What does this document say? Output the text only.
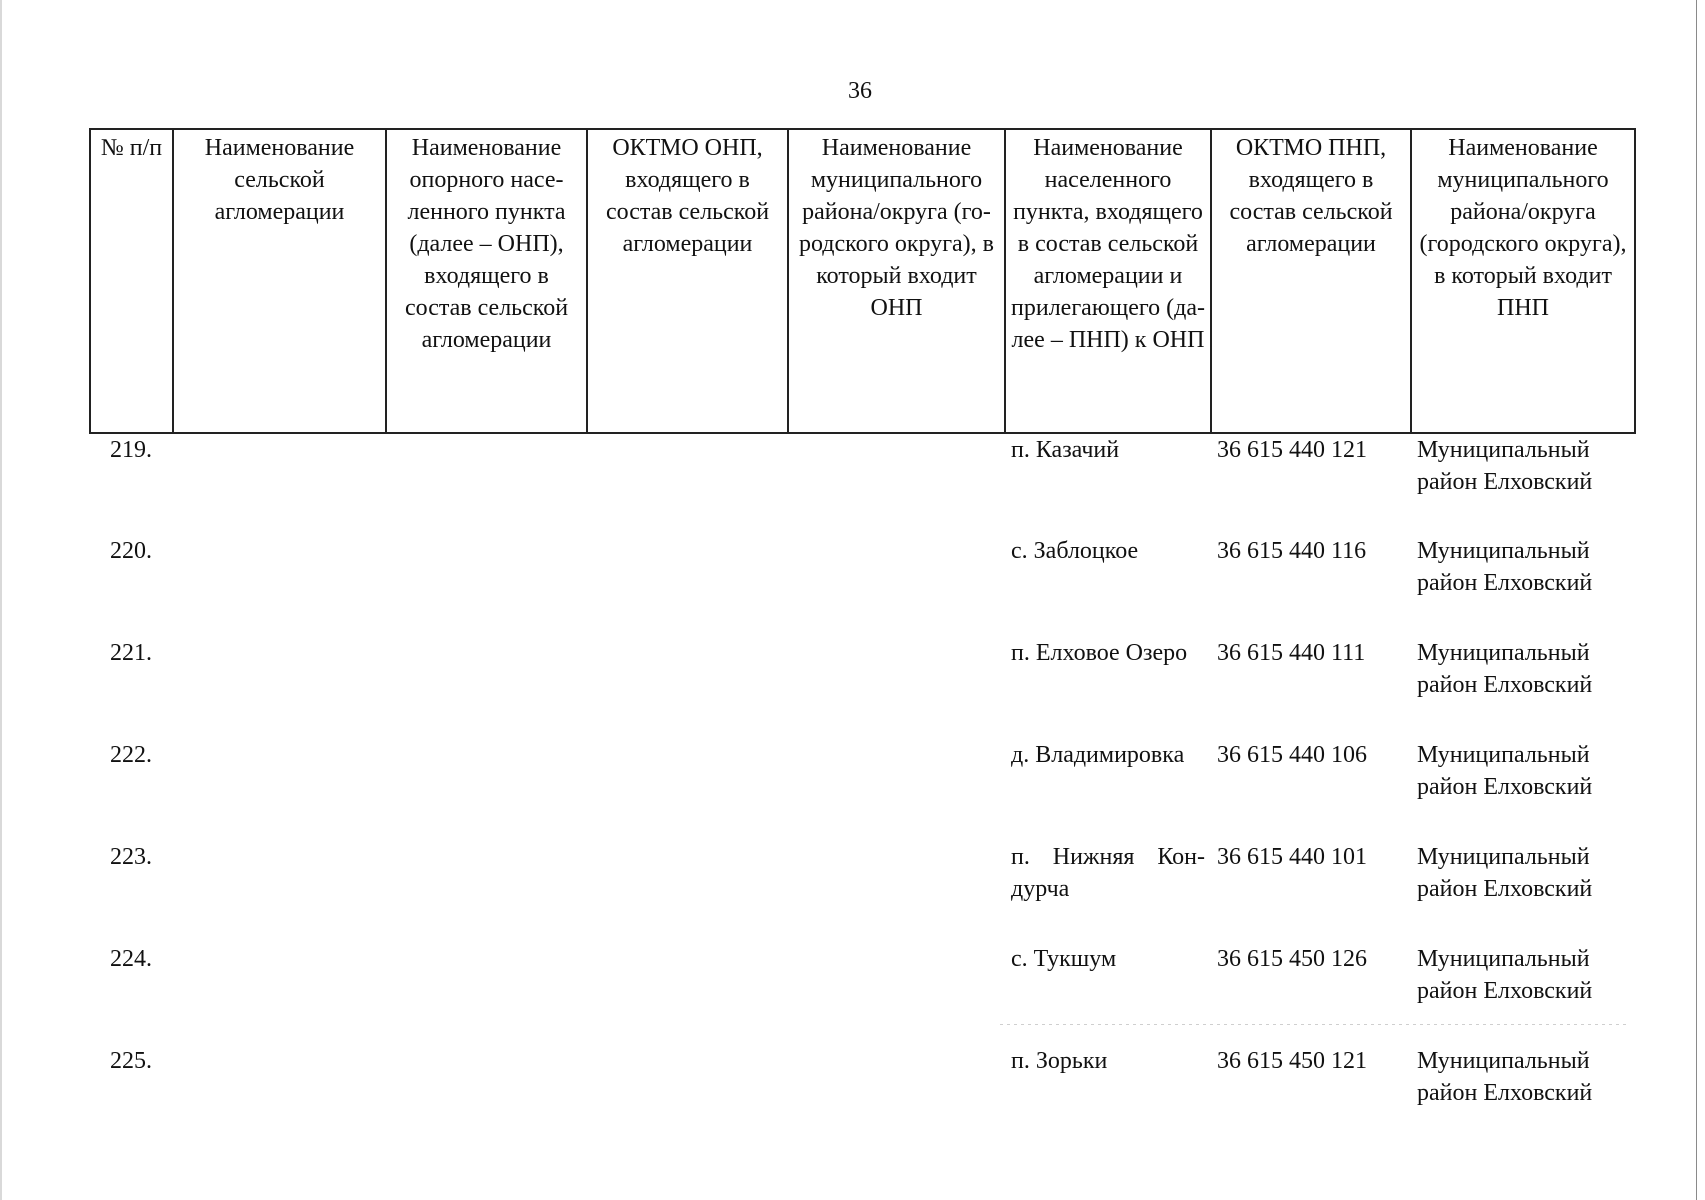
36
№ п/п	Наименование сельской агломерации	Наименование опорного населенного пункта (далее – ОНП), входящего в состав сельской агломерации	ОКТМО ОНП, входящего в состав сельской агломерации	Наименование муниципального района/округа (городского округа), в который входит ОНП	Наименование населенного пункта, входящего в состав сельской агломерации и прилегающего (далее – ПНП) к ОНП	ОКТМО ПНП, входящего в состав сельской агломерации	Наименование муниципального района/округа (городского округа), в который входит ПНП

219.					п. Казачий	36 615 440 121	Муниципальный район Елховский
220.					с. Заблоцкое	36 615 440 116	Муниципальный район Елховский
221.					п. Елховое Озеро	36 615 440 111	Муниципальный район Елховский
222.					д. Владимировка	36 615 440 106	Муниципальный район Елховский
223.					п. Нижняя Кондурча	36 615 440 101	Муниципальный район Елховский
224.					с. Тукшум	36 615 450 126	Муниципальный район Елховский
225.					п. Зорьки	36 615 450 121	Муниципальный район Елховский
